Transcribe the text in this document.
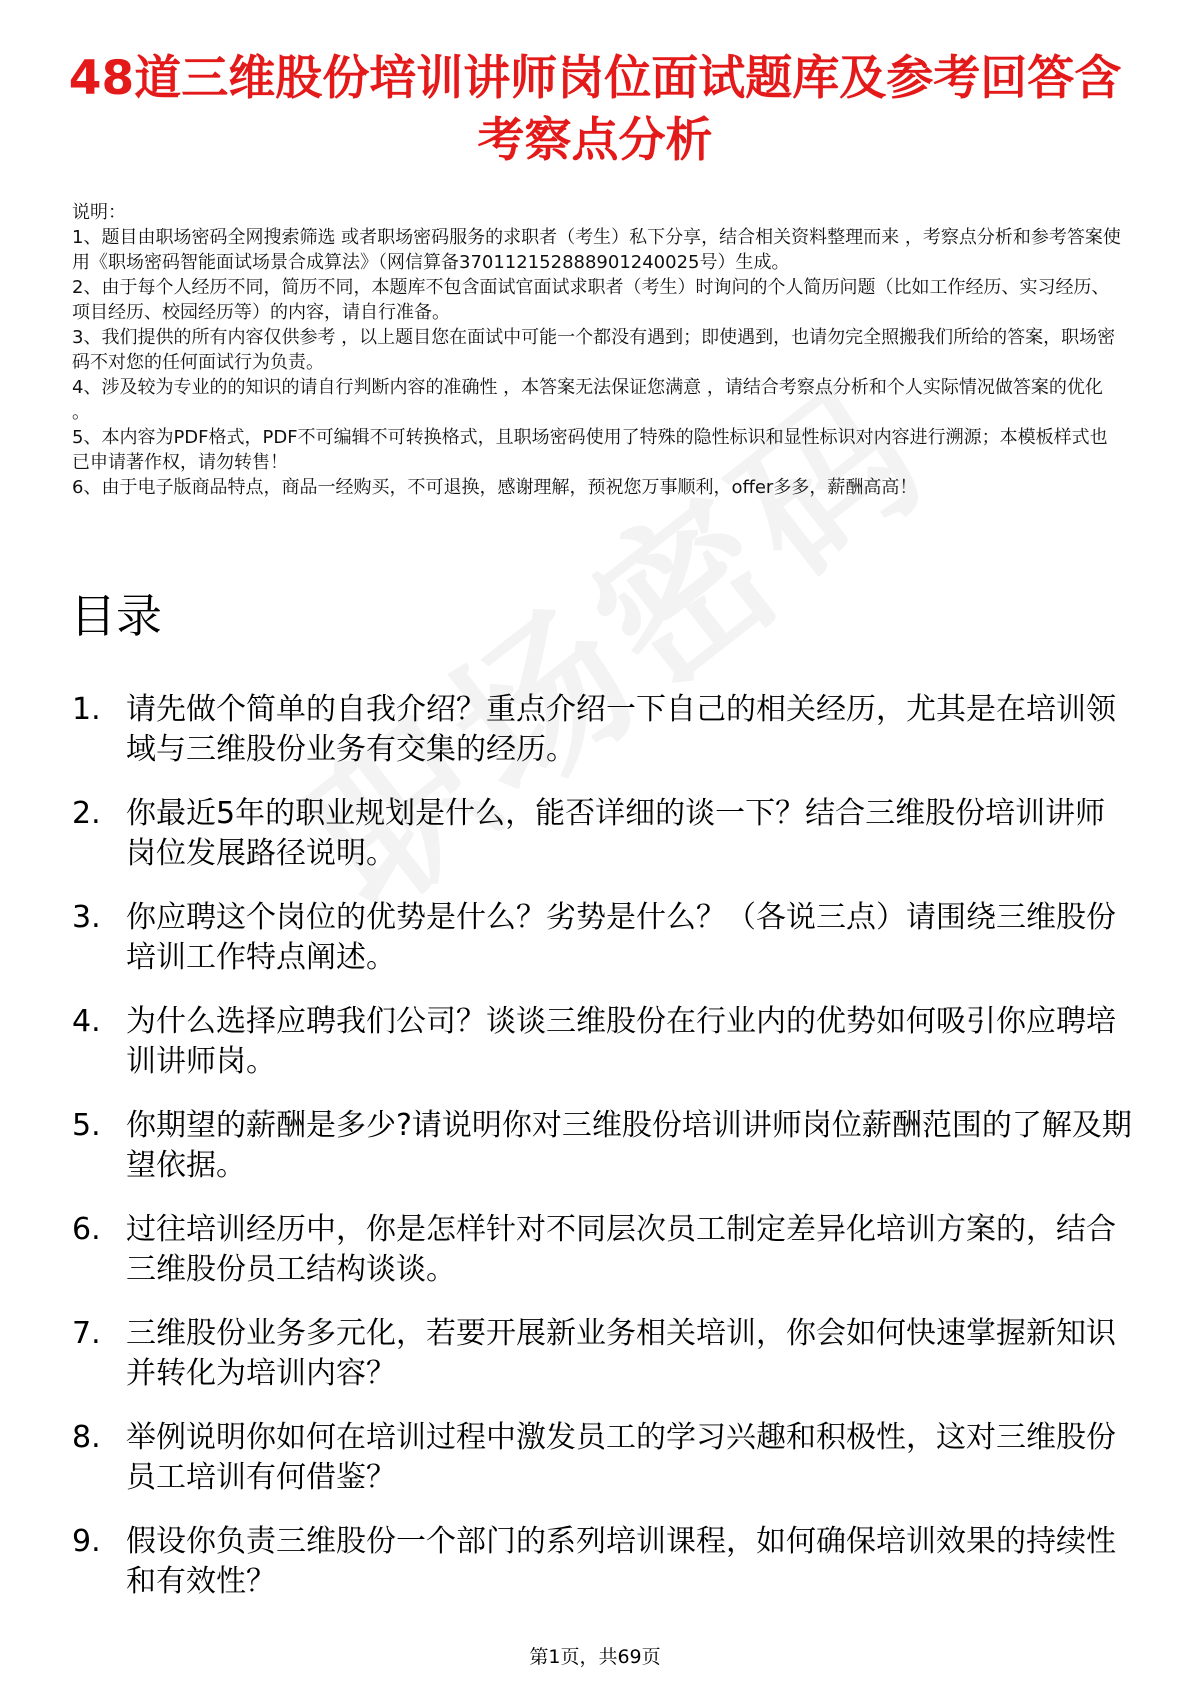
48道三维股份培训讲师岗位面试题库及参考回答含考察点分析

说明：

1、题目由职场密码全网搜索筛选 或者职场密码服务的求职者（考生）私下分享，结合相关资料整理而来 ，考察点分析和参考答案使用《职场密码智能面试场景合成算法》（网信算备370112152888901240025号）生成。

2、由于每个人经历不同，简历不同，本题库不包含面试官面试求职者（考生）时询问的个人简历问题（比如工作经历、实习经历、项目经历、校园经历等）的内容，请自行准备。

3、我们提供的所有内容仅供参考 ，以上题目您在面试中可能一个都没有遇到；即使遇到，也请勿完全照搬我们所给的答案，职场密码不对您的任何面试行为负责。

4、涉及较为专业的的知识的请自行判断内容的准确性 ，本答案无法保证您满意 ，请结合考察点分析和个人实际情况做答案的优化 。

5、本内容为PDF格式，PDF不可编辑不可转换格式，且职场密码使用了特殊的隐性标识和显性标识对内容进行溯源；本模板样式也已申请著作权，请勿转售！

6、由于电子版商品特点，商品一经购买，不可退换，感谢理解，预祝您万事顺利，offer多多，薪酬高高！

目录
1. 请先做个简单的自我介绍？重点介绍一下自己的相关经历，尤其是在培训领域与三维股份业务有交集的经历。
2. 你最近5年的职业规划是什么，能否详细的谈一下？结合三维股份培训讲师岗位发展路径说明。
3. 你应聘这个岗位的优势是什么？劣势是什么？（各说三点）请围绕三维股份培训工作特点阐述。
4. 为什么选择应聘我们公司？谈谈三维股份在行业内的优势如何吸引你应聘培训讲师岗。
5. 你期望的薪酬是多少?请说明你对三维股份培训讲师岗位薪酬范围的了解及期望依据。
6. 过往培训经历中，你是怎样针对不同层次员工制定差异化培训方案的，结合三维股份员工结构谈谈。
7. 三维股份业务多元化，若要开展新业务相关培训，你会如何快速掌握新知识并转化为培训内容？
8. 举例说明你如何在培训过程中激发员工的学习兴趣和积极性，这对三维股份员工培训有何借鉴？
9. 假设你负责三维股份一个部门的系列培训课程，如何确保培训效果的持续性和有效性？
第1页，共69页
